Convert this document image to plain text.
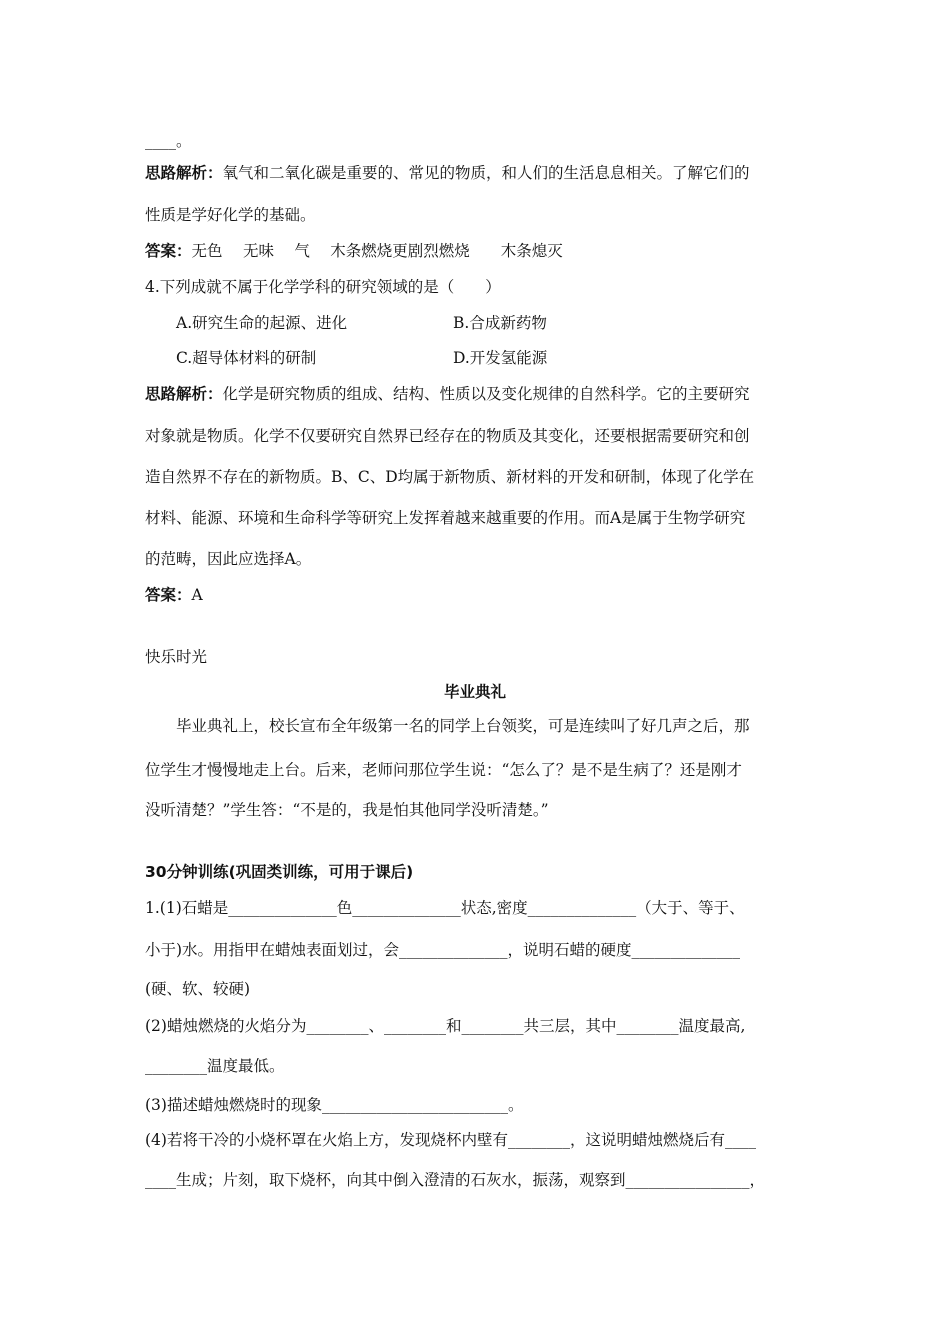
____。
思路解析：氧气和二氧化碳是重要的、常见的物质，和人们的生活息息相关。了解它们的
性质是学好化学的基础。
答案：无色　 无味　 气　 木条燃烧更剧烈燃烧　　木条熄灭
4.下列成就不属于化学学科的研究领域的是（　　）
A.研究生命的起源、进化	B.合成新药物
C.超导体材料的研制	D.开发氢能源
思路解析：化学是研究物质的组成、结构、性质以及变化规律的自然科学。它的主要研究
对象就是物质。化学不仅要研究自然界已经存在的物质及其变化，还要根据需要研究和创
造自然界不存在的新物质。B、C、D均属于新物质、新材料的开发和研制，体现了化学在
材料、能源、环境和生命科学等研究上发挥着越来越重要的作用。而A是属于生物学研究
的范畴，因此应选择A。
答案：A
快乐时光
毕业典礼
毕业典礼上，校长宣布全年级第一名的同学上台领奖，可是连续叫了好几声之后，那
位学生才慢慢地走上台。后来，老师问那位学生说：“怎么了？是不是生病了？还是刚才
没听清楚？”学生答：“不是的，我是怕其他同学没听清楚。”
30分钟训练(巩固类训练，可用于课后)
1.(1)石蜡是______________色______________状态,密度______________（大于、等于、
小于)水。用指甲在蜡烛表面划过，会______________，说明石蜡的硬度______________
(硬、软、较硬)
(2)蜡烛燃烧的火焰分为________、________和________共三层，其中________温度最高,
________温度最低。
(3)描述蜡烛燃烧时的现象________________________。
(4)若将干冷的小烧杯罩在火焰上方，发现烧杯内壁有________，这说明蜡烛燃烧后有____
____生成；片刻，取下烧杯，向其中倒入澄清的石灰水，振荡，观察到________________，
